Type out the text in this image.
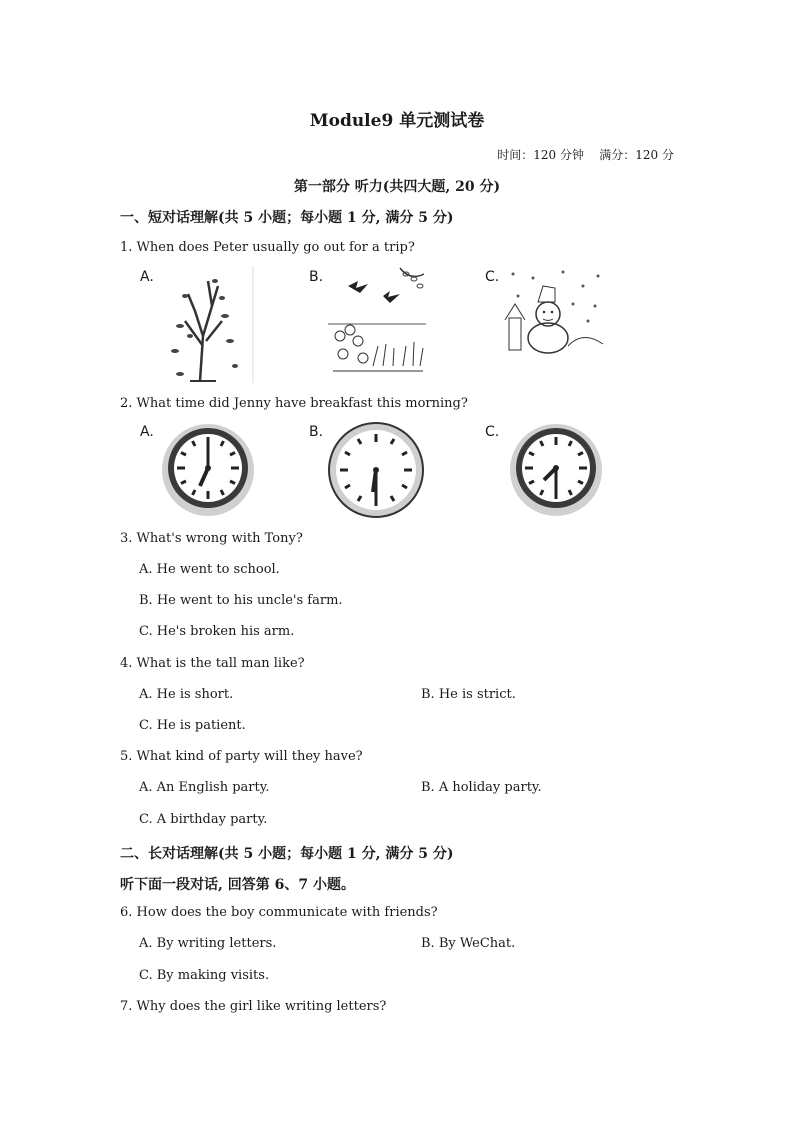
Module9 单元测试卷
时间：120 分钟 满分：120 分
第一部分 听力(共四大题, 20 分)
一、短对话理解(共 5 小题；每小题 1 分, 满分 5 分)
1. When does Peter usually go out for a trip?
A.	B.	C.
2. What time did Jenny have breakfast this morning?
A.	B.	C.
3. What's wrong with Tony?
A. He went to school.
B. He went to his uncle's farm.
C. He's broken his arm.
4. What is the tall man like?
A. He is short.	B. He is strict.
C. He is patient.
5. What kind of party will they have?
A. An English party.	B. A holiday party.
C. A birthday party.
二、长对话理解(共 5 小题；每小题 1 分, 满分 5 分)
听下面一段对话, 回答第 6、7 小题。
6. How does the boy communicate with friends?
A. By writing letters.	B. By WeChat.
C. By making visits.
7. Why does the girl like writing letters?
